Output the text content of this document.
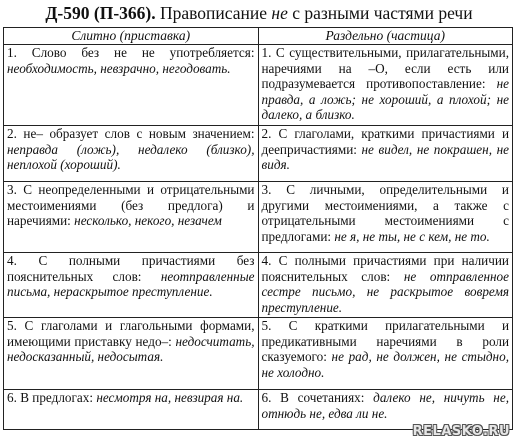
Д-590 (П-366). Правописание не с разными частями речи
Слитно (приставка)	Раздельно (частица)
1. Слово без не не употребляется: необходимость, невзрачно, негодовать.	1. С существительными, прилагательными, наречиями на –О, если есть или подразумевается противопоставление: не правда, а ложь; не хороший, а плохой; не далеко, а близко.
2. не– образует слов с новым значением: неправда (ложь), недалеко (близко), неплохой (хороший).	2. С глаголами, краткими причастиями и деепричастиями: не видел, не покрашен, не видя.
3. С неопределенными и отрицательными местоимениями (без предлога) и наречиями: несколько, некого, незачем	3. С личными, определительными и другими местоимениями, а также с отрицательными местоимениями с предлогами: не я, не ты, не с кем, не то.
4. С полными причастиями без пояснительных слов: неотправленные письма, нераскрытое преступление.	4. С полными причастиями при наличии пояснительных слов: не отправленное сестре письмо, не раскрытое вовремя преступление.
5. С глаголами и глагольными формами, имеющими приставку недо–: недосчитать, недосказанный, недосытая.	5. С краткими прилагательными и предикативными наречиями в роли сказуемого: не рад, не должен, не стыдно, не холодно.
6. В предлогах: несмотря на, невзирая на.	6. В сочетаниях: далеко не, ничуть не, отнюдь не, едва ли не.
RELASKO.RU
